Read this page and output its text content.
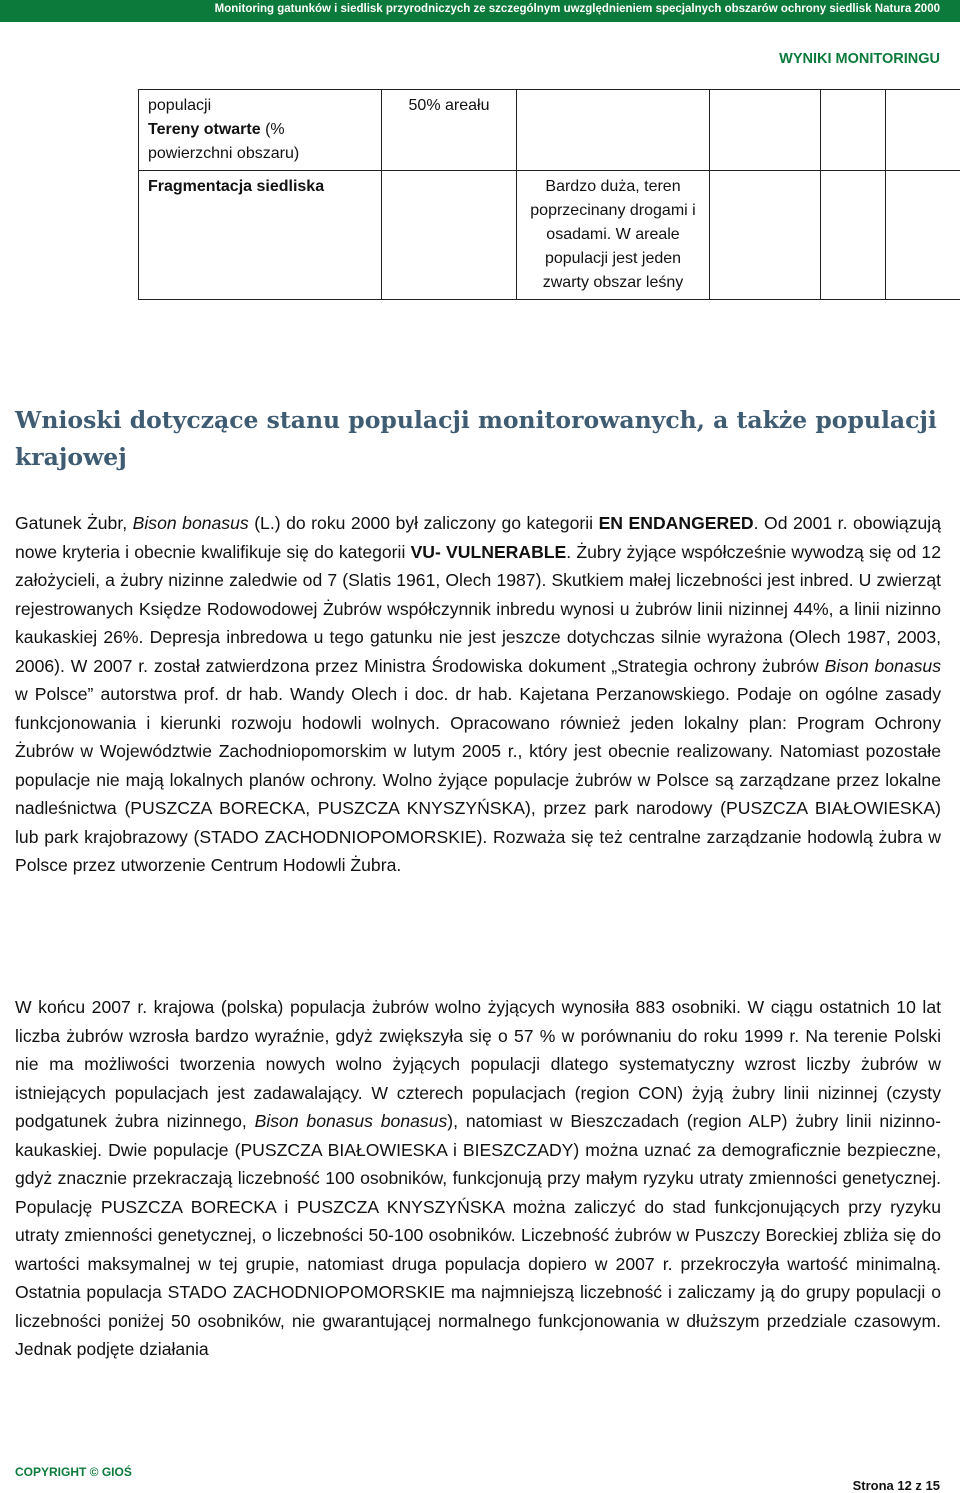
Monitoring gatunków i siedlisk przyrodniczych ze szczególnym uwzględnieniem specjalnych obszarów ochrony siedlisk Natura 2000
WYNIKI MONITORINGU
populacji
Tereny otwarte (% powierzchni obszaru)	50% areału					
Fragmentacja siedliska		Bardzo duża, teren poprzecinany drogami i osadami. W areale populacji jest jeden zwarty obszar leśny				
Wnioski dotyczące stanu populacji monitorowanych, a także populacji krajowej

Gatunek Żubr, Bison bonasus (L.) do roku 2000 był zaliczony go kategorii EN ENDANGERED. Od 2001 r. obowiązują nowe kryteria i obecnie kwalifikuje się do kategorii VU- VULNERABLE. Żubry żyjące współcześnie wywodzą się od 12 założycieli, a żubry nizinne zaledwie od 7 (Slatis 1961, Olech 1987). Skutkiem małej liczebności jest inbred. U zwierząt rejestrowanych Księdze Rodowodowej Żubrów współczynnik inbredu wynosi u żubrów linii nizinnej 44%, a linii nizinno kaukaskiej 26%. Depresja inbredowa u tego gatunku nie jest jeszcze dotychczas silnie wyrażona (Olech 1987, 2003, 2006). W 2007 r. został zatwierdzona przez Ministra Środowiska dokument „Strategia ochrony żubrów Bison bonasus w Polsce” autorstwa prof. dr hab. Wandy Olech i doc. dr hab. Kajetana Perzanowskiego. Podaje on ogólne zasady funkcjonowania i kierunki rozwoju hodowli wolnych. Opracowano również jeden lokalny plan: Program Ochrony Żubrów w Województwie Zachodniopomorskim w lutym 2005 r., który jest obecnie realizowany. Natomiast pozostałe populacje nie mają lokalnych planów ochrony. Wolno żyjące populacje żubrów w Polsce są zarządzane przez lokalne nadleśnictwa (PUSZCZA BORECKA, PUSZCZA KNYSZYŃSKA), przez park narodowy (PUSZCZA BIAŁOWIESKA) lub park krajobrazowy (STADO ZACHODNIOPOMORSKIE). Rozważa się też centralne zarządzanie hodowlą żubra w Polsce przez utworzenie Centrum Hodowli Żubra.

W końcu 2007 r. krajowa (polska) populacja żubrów wolno żyjących wynosiła 883 osobniki. W ciągu ostatnich 10 lat liczba żubrów wzrosła bardzo wyraźnie, gdyż zwiększyła się o 57 % w porównaniu do roku 1999 r. Na terenie Polski nie ma możliwości tworzenia nowych wolno żyjących populacji dlatego systematyczny wzrost liczby żubrów w istniejących populacjach jest zadawalający. W czterech populacjach (region CON) żyją żubry linii nizinnej (czysty podgatunek żubra nizinnego, Bison bonasus bonasus), natomiast w Bieszczadach (region ALP) żubry linii nizinno-kaukaskiej. Dwie populacje (PUSZCZA BIAŁOWIESKA i BIESZCZADY) można uznać za demograficznie bezpieczne, gdyż znacznie przekraczają liczebność 100 osobników, funkcjonują przy małym ryzyku utraty zmienności genetycznej. Populację PUSZCZA BORECKA i PUSZCZA KNYSZYŃSKA można zaliczyć do stad funkcjonujących przy ryzyku utraty zmienności genetycznej, o liczebności 50-100 osobników. Liczebność żubrów w Puszczy Boreckiej zbliża się do wartości maksymalnej w tej grupie, natomiast druga populacja dopiero w 2007 r. przekroczyła wartość minimalną. Ostatnia populacja STADO ZACHODNIOPOMORSKIE ma najmniejszą liczebność i zaliczamy ją do grupy populacji o liczebności poniżej 50 osobników, nie gwarantującej normalnego funkcjonowania w dłuższym przedziale czasowym. Jednak podjęte działania

COPYRIGHT © GIOŚ
Strona 12 z 15
